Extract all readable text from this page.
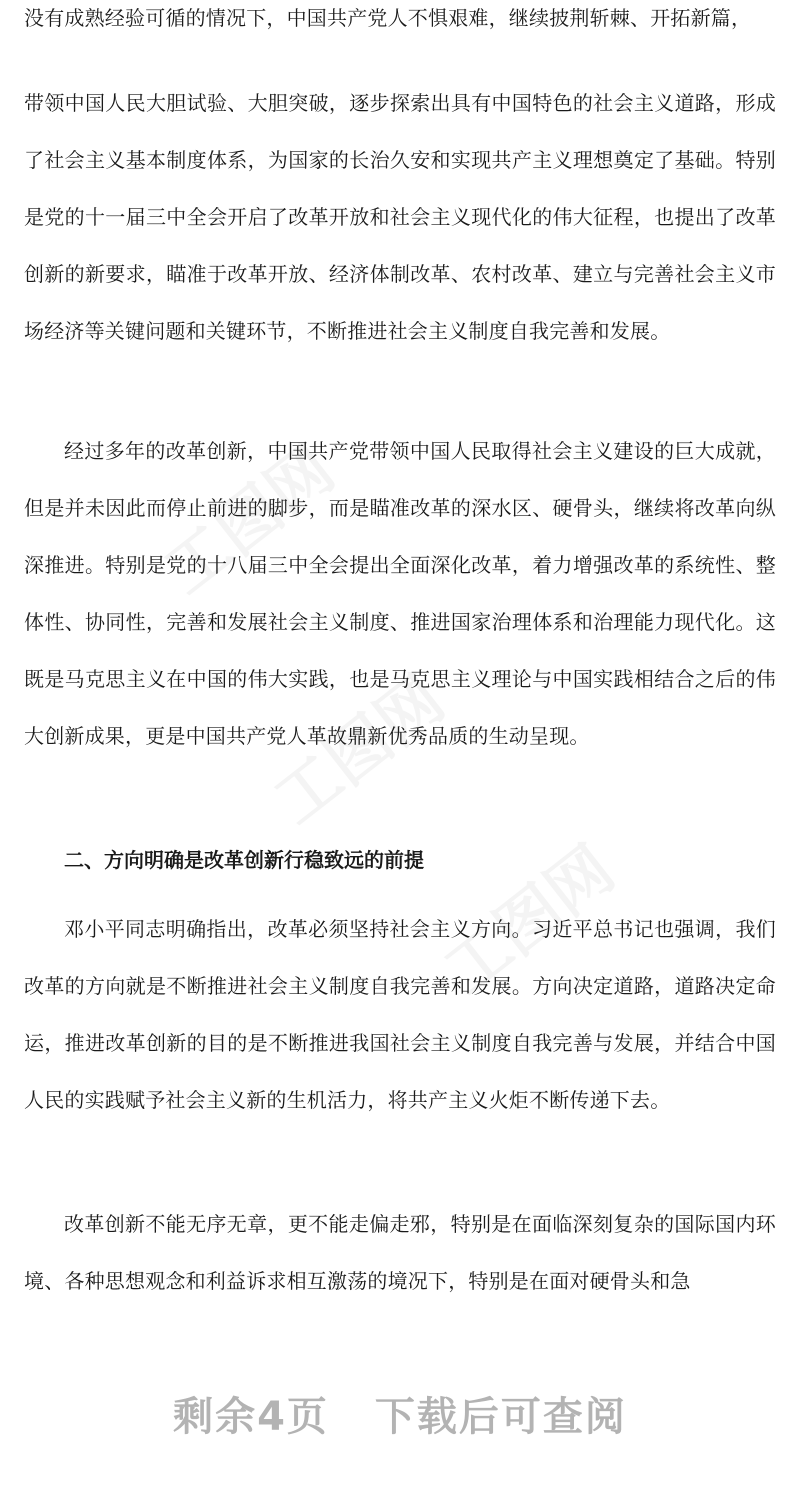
没有成熟经验可循的情况下，中国共产党人不惧艰难，继续披荆斩棘、开拓新篇，

带领中国人民大胆试验、大胆突破，逐步探索出具有中国特色的社会主义道路，形成了社会主义基本制度体系，为国家的长治久安和实现共产主义理想奠定了基础。特别是党的十一届三中全会开启了改革开放和社会主义现代化的伟大征程，也提出了改革创新的新要求，瞄准于改革开放、经济体制改革、农村改革、建立与完善社会主义市场经济等关键问题和关键环节，不断推进社会主义制度自我完善和发展。

经过多年的改革创新，中国共产党带领中国人民取得社会主义建设的巨大成就，但是并未因此而停止前进的脚步，而是瞄准改革的深水区、硬骨头，继续将改革向纵深推进。特别是党的十八届三中全会提出全面深化改革，着力增强改革的系统性、整体性、协同性，完善和发展社会主义制度、推进国家治理体系和治理能力现代化。这既是马克思主义在中国的伟大实践，也是马克思主义理论与中国实践相结合之后的伟大创新成果，更是中国共产党人革故鼎新优秀品质的生动呈现。

二、方向明确是改革创新行稳致远的前提

邓小平同志明确指出，改革必须坚持社会主义方向。习近平总书记也强调，我们改革的方向就是不断推进社会主义制度自我完善和发展。方向决定道路，道路决定命运，推进改革创新的目的是不断推进我国社会主义制度自我完善与发展，并结合中国人民的实践赋予社会主义新的生机活力，将共产主义火炬不断传递下去。

改革创新不能无序无章，更不能走偏走邪，特别是在面临深刻复杂的国际国内环境、各种思想观念和利益诉求相互激荡的境况下，特别是在面对硬骨头和急

剩余4页 下载后可查阅
